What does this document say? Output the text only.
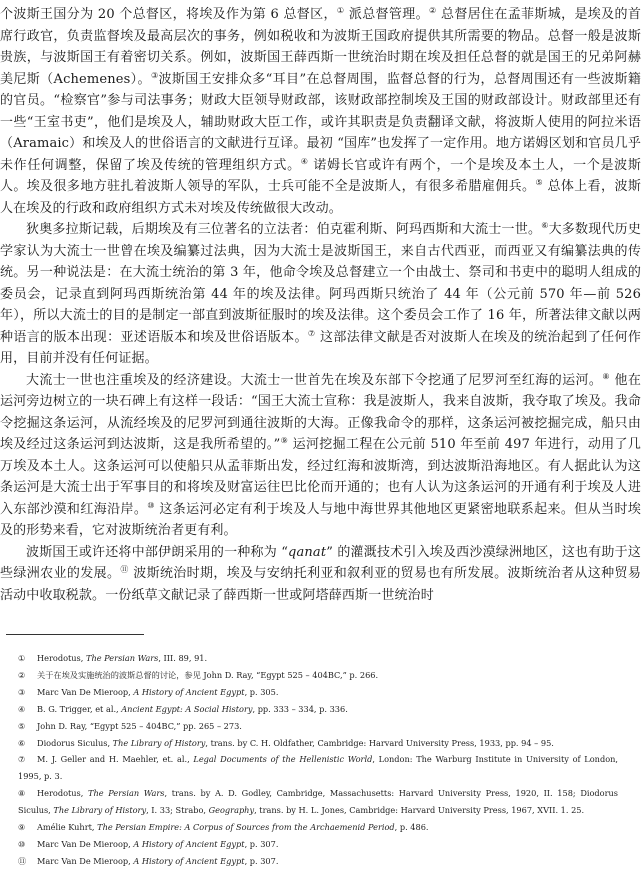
个波斯王国分为 20 个总督区，将埃及作为第 6 总督区，① 派总督管理。② 总督居住在孟菲斯城，是埃及的首席行政官，负责监督埃及最高层次的事务，例如税收和为波斯王国政府提供其所需要的物品。总督一般是波斯贵族，与波斯国王有着密切关系。例如，波斯国王薛西斯一世统治时期在埃及担任总督的就是国王的兄弟阿赫美尼斯（Achemenes）。③波斯国王安排众多“耳目”在总督周围，监督总督的行为，总督周围还有一些波斯籍的官员。“检察官”参与司法事务；财政大臣领导财政部，该财政部控制埃及王国的财政部设计。财政部里还有一些“王室书吏”，他们是埃及人，辅助财政大臣工作，或许其职责是负责翻译文献，将波斯人使用的阿拉米语（Aramaic）和埃及人的世俗语言的文献进行互译。最初 “国库”也发挥了一定作用。地方诺姆区划和官员几乎未作任何调整，保留了埃及传统的管理组织方式。④ 诺姆长官或许有两个，一个是埃及本土人，一个是波斯人。埃及很多地方驻扎着波斯人领导的军队，士兵可能不全是波斯人，有很多希腊雇佣兵。⑤ 总体上看，波斯人在埃及的行政和政府组织方式未对埃及传统做很大改动。

狄奥多拉斯记载，后期埃及有三位著名的立法者：伯克霍利斯、阿玛西斯和大流士一世。⑥大多数现代历史学家认为大流士一世曾在埃及编纂过法典，因为大流士是波斯国王，来自古代西亚，而西亚又有编纂法典的传统。另一种说法是：在大流士统治的第 3 年，他命令埃及总督建立一个由战士、祭司和书吏中的聪明人组成的委员会，记录直到阿玛西斯统治第 44 年的埃及法律。阿玛西斯只统治了 44 年（公元前 570 年—前 526 年），所以大流士的目的是制定一部直到波斯征服时的埃及法律。这个委员会工作了 16 年，所著法律文献以两种语言的版本出现：亚述语版本和埃及世俗语版本。⑦ 这部法律文献是否对波斯人在埃及的统治起到了任何作用，目前并没有任何证据。

大流士一世也注重埃及的经济建设。大流士一世首先在埃及东部下令挖通了尼罗河至红海的运河。⑧ 他在运河旁边树立的一块石碑上有这样一段话：“国王大流士宣称：我是波斯人，我来自波斯，我夺取了埃及。我命令挖掘这条运河，从流经埃及的尼罗河到通往波斯的大海。正像我命令的那样，这条运河被挖掘完成，船只由埃及经过这条运河到达波斯，这是我所希望的。”⑨ 运河挖掘工程在公元前 510 年至前 497 年进行，动用了几万埃及本土人。这条运河可以使船只从孟菲斯出发，经过红海和波斯湾，到达波斯沿海地区。有人据此认为这条运河是大流士出于军事目的和将埃及财富运往巴比伦而开通的；也有人认为这条运河的开通有利于埃及人进入东部沙漠和红海沿岸。⑩ 这条运河必定有利于埃及人与地中海世界其他地区更紧密地联系起来。但从当时埃及的形势来看，它对波斯统治者更有利。

波斯国王或许还将中部伊朗采用的一种称为 “qanat” 的灌溉技术引入埃及西沙漠绿洲地区，这也有助于这些绿洲农业的发展。⑪ 波斯统治时期，埃及与安纳托利亚和叙利亚的贸易也有所发展。波斯统治者从这种贸易活动中收取税款。一份纸草文献记录了薛西斯一世或阿塔薛西斯一世统治时

① Herodotus, The Persian Wars, III. 89, 91.
② 关于在埃及实施统治的波斯总督的讨论，参见 John D. Ray, “Egypt 525 – 404BC,” p. 266.
③ Marc Van De Mieroop, A History of Ancient Egypt, p. 305.
④ B. G. Trigger, et al., Ancient Egypt: A Social History, pp. 333 – 334, p. 336.
⑤ John D. Ray, “Egypt 525 – 404BC,” pp. 265 – 273.
⑥ Diodorus Siculus, The Library of History, trans. by C. H. Oldfather, Cambridge: Harvard University Press, 1933, pp. 94 – 95.
⑦ M. J. Geller and H. Maehler, et. al., Legal Documents of the Hellenistic World, London: The Warburg Institute in University of London, 1995, p. 3.
⑧ Herodotus, The Persian Wars, trans. by A. D. Godley, Cambridge, Massachusetts: Harvard University Press, 1920, II. 158; Diodorus Siculus, The Library of History, I. 33; Strabo, Geography, trans. by H. L. Jones, Cambridge: Harvard University Press, 1967, XVII. 1. 25.
⑨ Amélie Kuhrt, The Persian Empire: A Corpus of Sources from the Archaemenid Period, p. 486.
⑩ Marc Van De Mieroop, A History of Ancient Egypt, p. 307.
⑪ Marc Van De Mieroop, A History of Ancient Egypt, p. 307.
